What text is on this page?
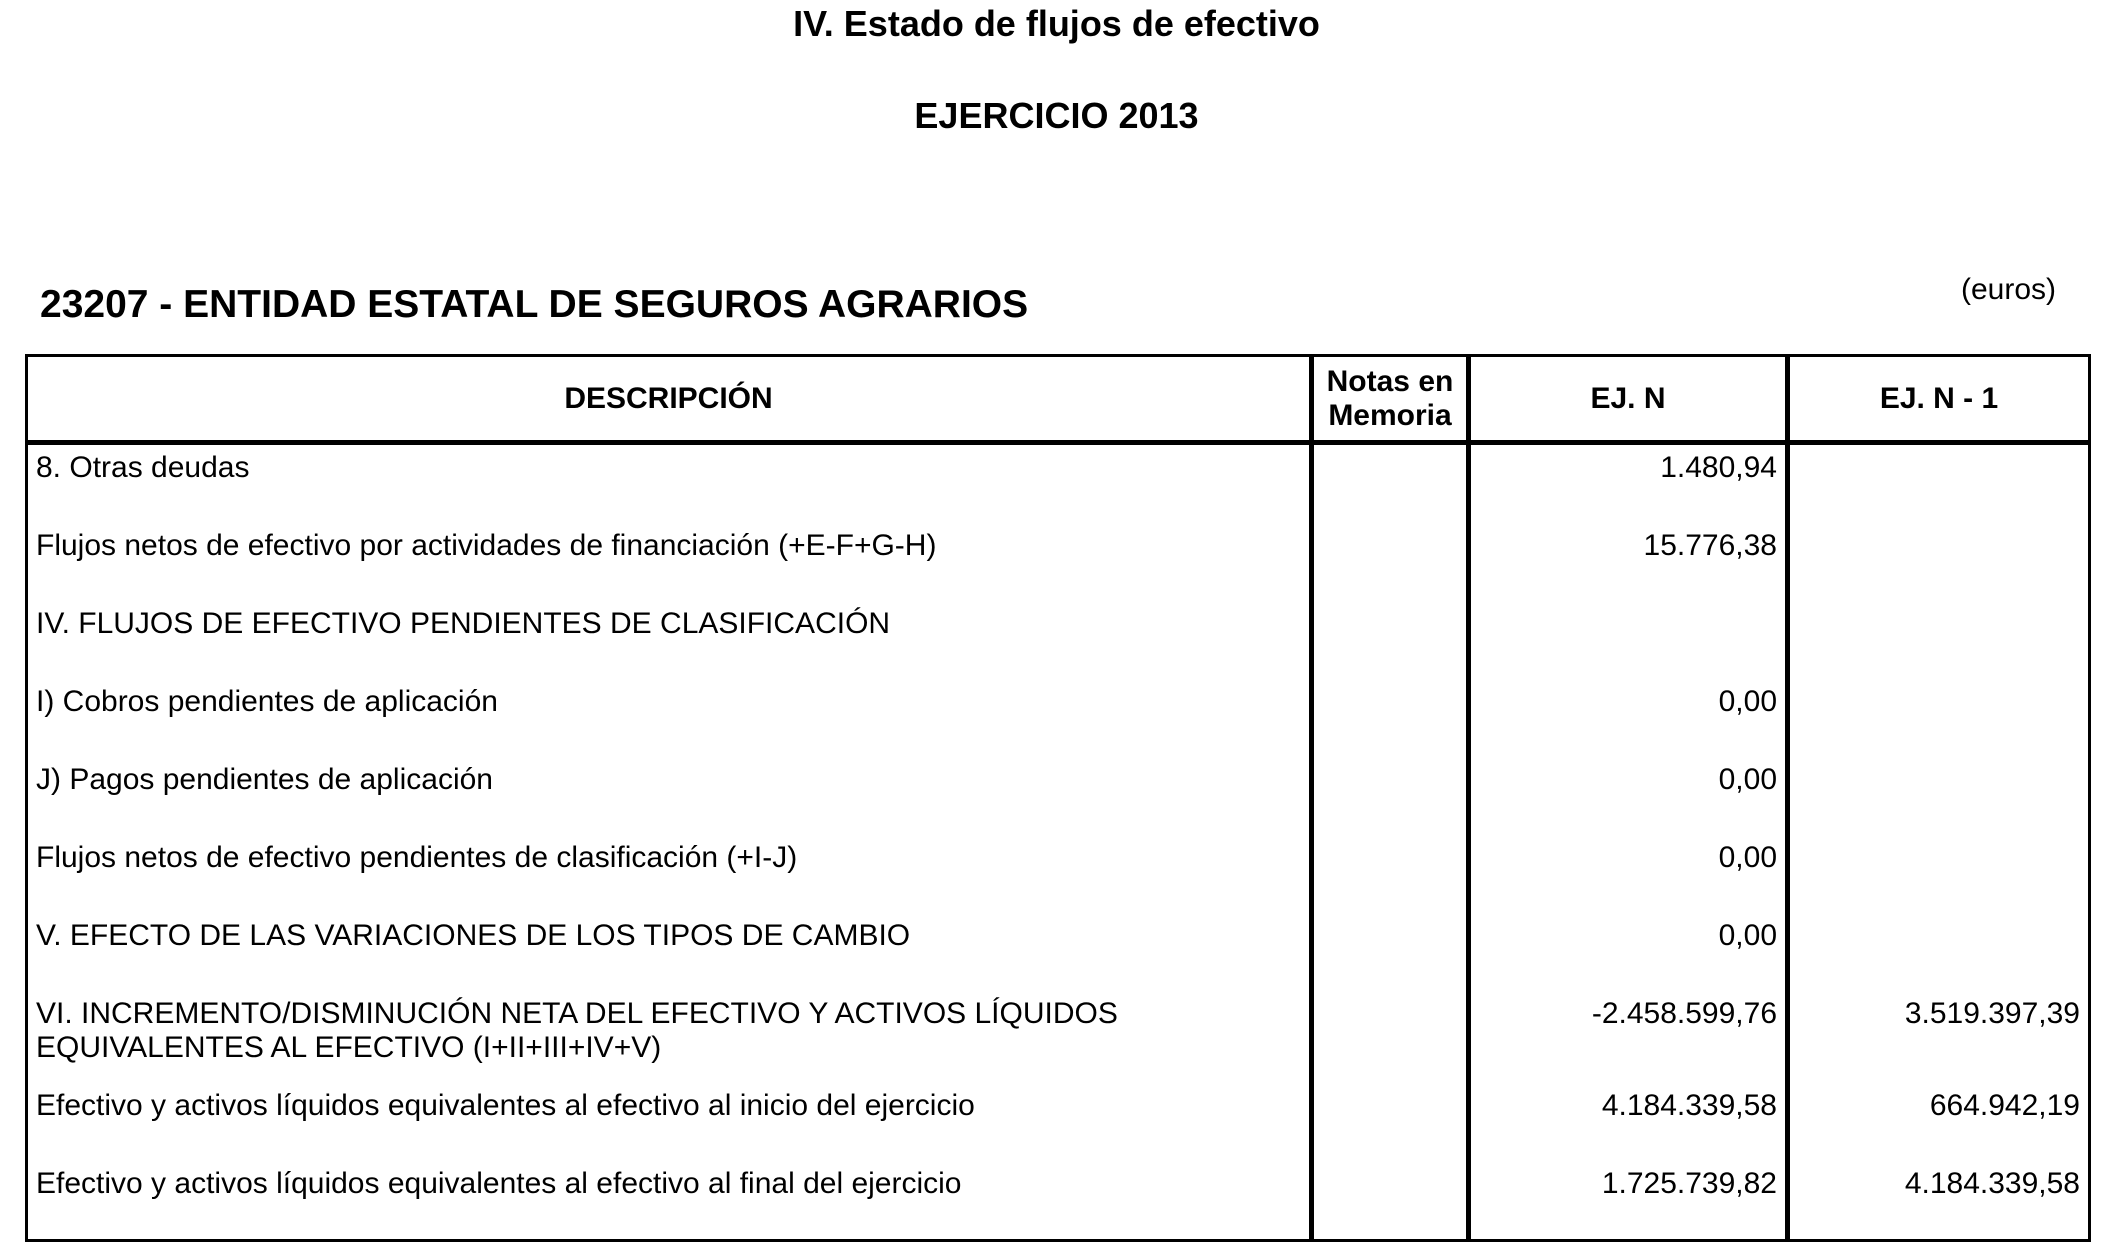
IV. Estado de flujos de efectivo
EJERCICIO 2013
23207 - ENTIDAD ESTATAL DE SEGUROS AGRARIOS	(euros)
DESCRIPCIÓN	Notas en Memoria	EJ. N	EJ. N - 1
8. Otras deudas		1.480,94	
Flujos netos de efectivo por actividades de financiación (+E-F+G-H)		15.776,38	
IV. FLUJOS DE EFECTIVO PENDIENTES DE CLASIFICACIÓN			
I) Cobros pendientes de aplicación		0,00	
J) Pagos pendientes de aplicación		0,00	
Flujos netos de efectivo pendientes de clasificación (+I-J)		0,00	
V. EFECTO DE LAS VARIACIONES DE LOS TIPOS DE CAMBIO		0,00	
VI. INCREMENTO/DISMINUCIÓN NETA DEL EFECTIVO Y ACTIVOS LÍQUIDOS EQUIVALENTES AL EFECTIVO (I+II+III+IV+V)		-2.458.599,76	3.519.397,39
Efectivo y activos líquidos equivalentes al efectivo al inicio del ejercicio		4.184.339,58	664.942,19
Efectivo y activos líquidos equivalentes al efectivo al final del ejercicio		1.725.739,82	4.184.339,58
